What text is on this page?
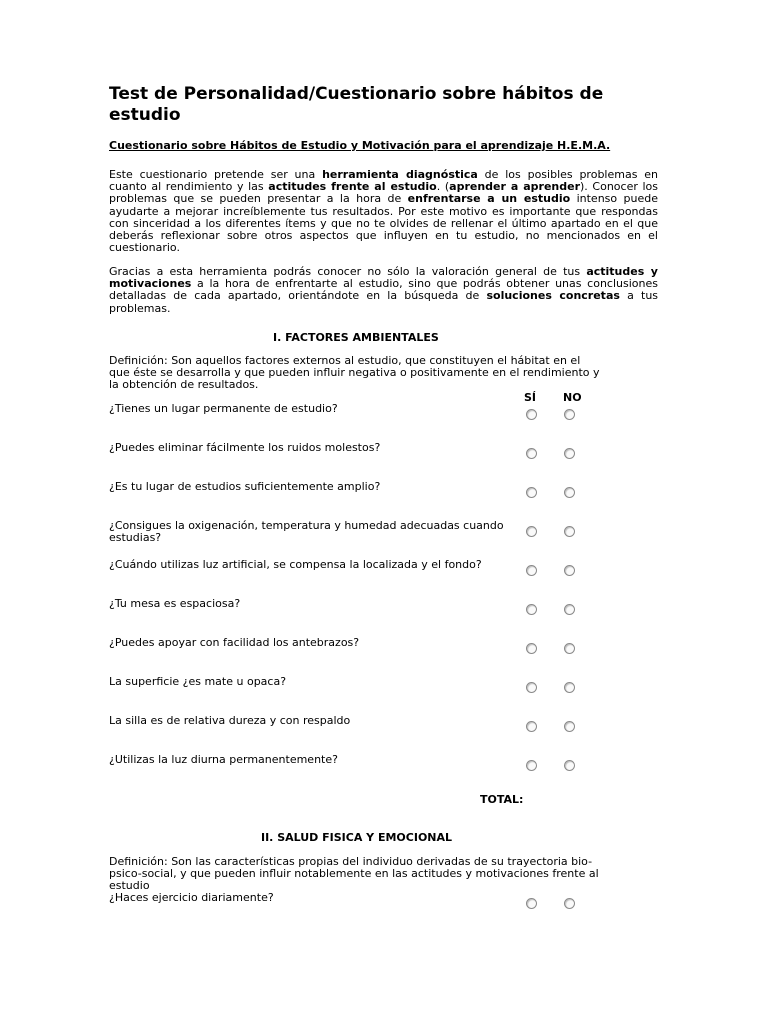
Test de Personalidad/Cuestionario sobre hábitos de estudio

Cuestionario sobre Hábitos de Estudio y Motivación para el aprendizaje H.E.M.A.

Este cuestionario pretende ser una herramienta diagnóstica de los posibles problemas en cuanto al rendimiento y las actitudes frente al estudio. (aprender a aprender). Conocer los problemas que se pueden presentar a la hora de enfrentarse a un estudio intenso puede ayudarte a mejorar increíblemente tus resultados. Por este motivo es importante que respondas con sinceridad a los diferentes ítems y que no te olvides de rellenar el último apartado en el que deberás reflexionar sobre otros aspectos que influyen en tu estudio, no mencionados en el cuestionario.

Gracias a esta herramienta podrás conocer no sólo la valoración general de tus actitudes y motivaciones a la hora de enfrentarte al estudio, sino que podrás obtener unas conclusiones detalladas de cada apartado, orientándote en la búsqueda de soluciones concretas a tus problemas.

I. FACTORES AMBIENTALES

Definición: Son aquellos factores externos al estudio, que constituyen el hábitat en el que éste se desarrolla y que pueden influir negativa o positivamente en el rendimiento y la obtención de resultados.

SÍ NO

¿Tienes un lugar permanente de estudio?

¿Puedes eliminar fácilmente los ruidos molestos?

¿Es tu lugar de estudios suficientemente amplio?

¿Consigues la oxigenación, temperatura y humedad adecuadas cuando estudias?

¿Cuándo utilizas luz artificial, se compensa la localizada y el fondo?

¿Tu mesa es espaciosa?

¿Puedes apoyar con facilidad los antebrazos?

La superficie ¿es mate u opaca?

La silla es de relativa dureza y con respaldo

¿Utilizas la luz diurna permanentemente?

TOTAL:

II. SALUD FISICA Y EMOCIONAL

Definición: Son las características propias del individuo derivadas de su trayectoria bio-psico-social, y que pueden influir notablemente en las actitudes y motivaciones frente al estudio

¿Haces ejercicio diariamente?
